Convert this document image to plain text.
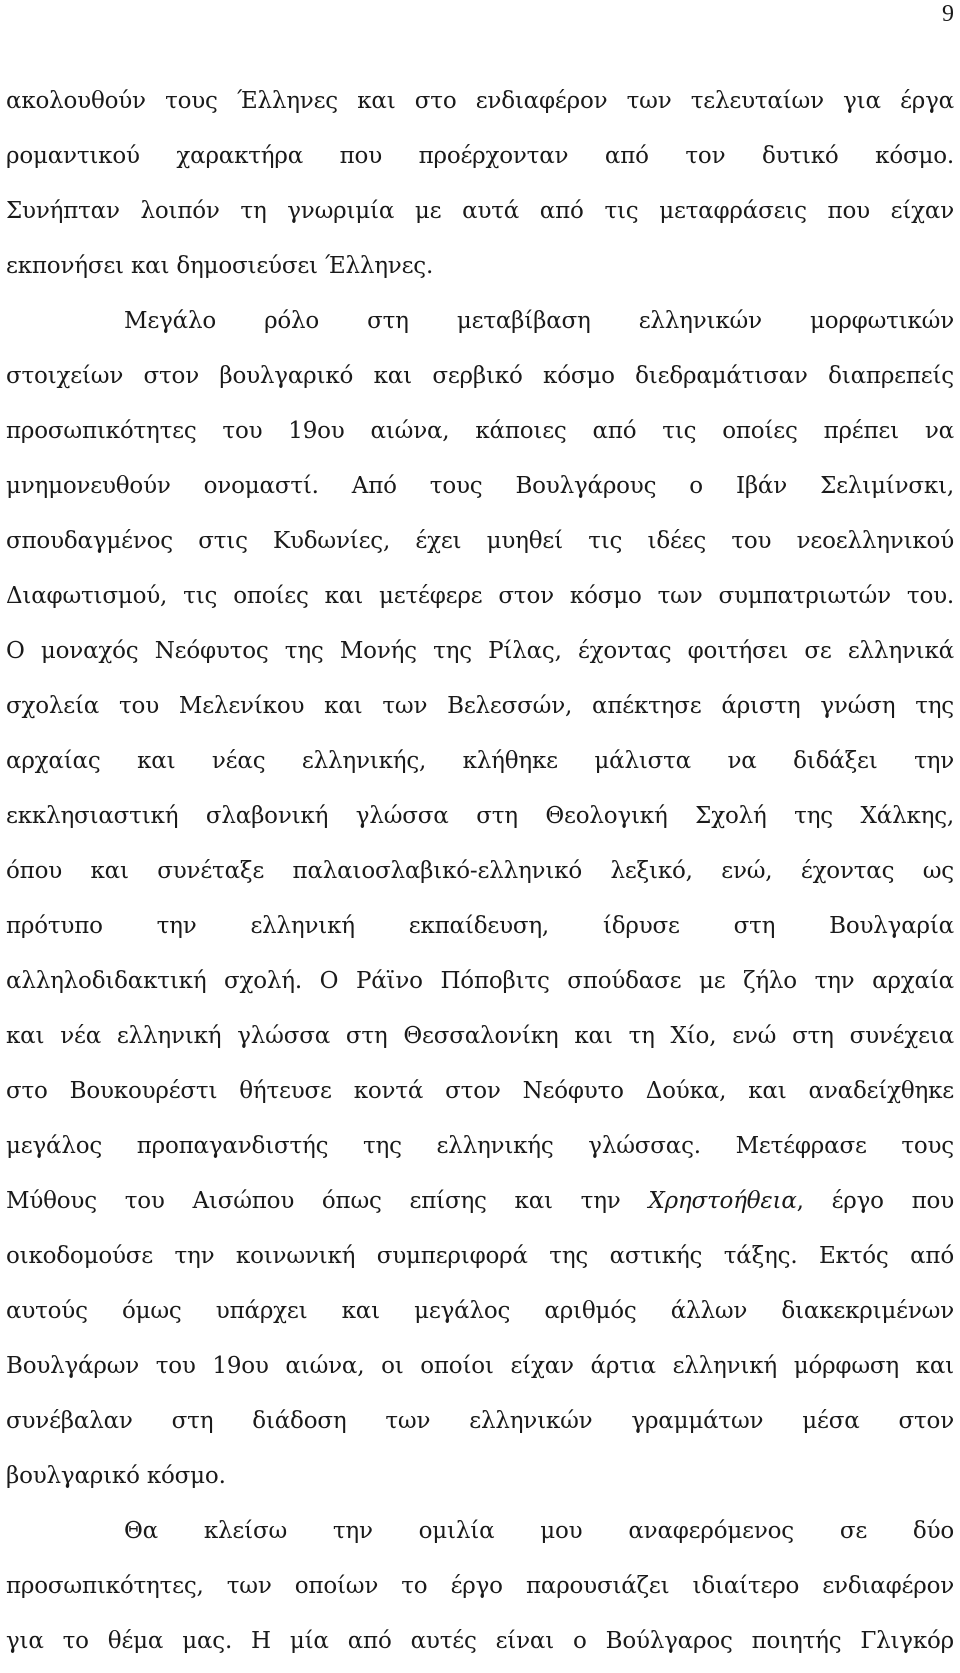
9
ακολουθούν τους Έλληνες και στο ενδιαφέρον των τελευταίων για έργα
ρομαντικού χαρακτήρα που προέρχονταν από τον δυτικό κόσμο.
Συνήπταν λοιπόν τη γνωριμία με αυτά από τις μεταφράσεις που είχαν
εκπονήσει και δημοσιεύσει Έλληνες.
Μεγάλο ρόλο στη μεταβίβαση ελληνικών μορφωτικών
στοιχείων στον βουλγαρικό και σερβικό κόσμο διεδραμάτισαν διαπρεπείς
προσωπικότητες του 19ου αιώνα, κάποιες από τις οποίες πρέπει να
μνημονευθούν ονομαστί. Από τους Βουλγάρους ο Ιβάν Σελιμίνσκι,
σπουδαγμένος στις Κυδωνίες, έχει μυηθεί τις ιδέες του νεοελληνικού
Διαφωτισμού, τις οποίες και μετέφερε στον κόσμο των συμπατριωτών του.
Ο μοναχός Νεόφυτος της Μονής της Ρίλας, έχοντας φοιτήσει σε ελληνικά
σχολεία του Μελενίκου και των Βελεσσών, απέκτησε άριστη γνώση της
αρχαίας και νέας ελληνικής, κλήθηκε μάλιστα να διδάξει την
εκκλησιαστική σλαβονική γλώσσα στη Θεολογική Σχολή της Χάλκης,
όπου και συνέταξε παλαιοσλαβικό-ελληνικό λεξικό, ενώ, έχοντας ως
πρότυπο την ελληνική εκπαίδευση, ίδρυσε στη Βουλγαρία
αλληλοδιδακτική σχολή. Ο Ράϊνο Πόποβιτς σπούδασε με ζήλο την αρχαία
και νέα ελληνική γλώσσα στη Θεσσαλονίκη και τη Χίο, ενώ στη συνέχεια
στο Βουκουρέστι θήτευσε κοντά στον Νεόφυτο Δούκα, και αναδείχθηκε
μεγάλος προπαγανδιστής της ελληνικής γλώσσας. Μετέφρασε τους
Μύθους του Αισώπου όπως επίσης και την Χρηστοήθεια, έργο που
οικοδομούσε την κοινωνική συμπεριφορά της αστικής τάξης. Εκτός από
αυτούς όμως υπάρχει και μεγάλος αριθμός άλλων διακεκριμένων
Βουλγάρων του 19ου αιώνα, οι οποίοι είχαν άρτια ελληνική μόρφωση και
συνέβαλαν στη διάδοση των ελληνικών γραμμάτων μέσα στον
βουλγαρικό κόσμο.
Θα κλείσω την ομιλία μου αναφερόμενος σε δύο
προσωπικότητες, των οποίων το έργο παρουσιάζει ιδιαίτερο ενδιαφέρον
για το θέμα μας. Η μία από αυτές είναι ο Βούλγαρος ποιητής Γλιγκόρ
